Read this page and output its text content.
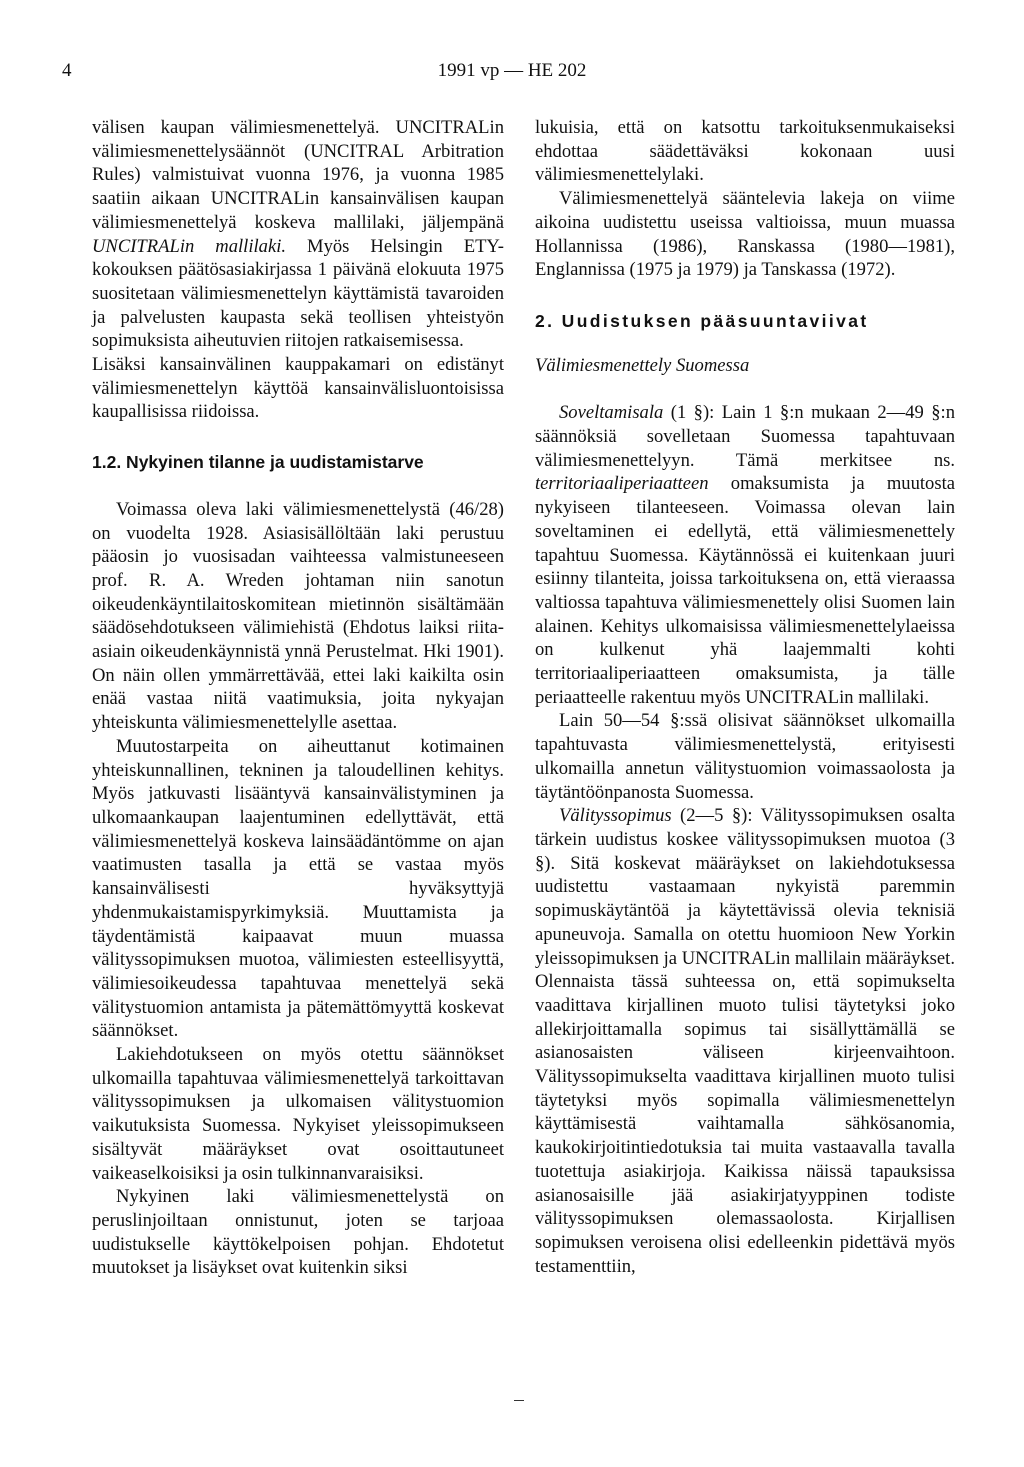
4	1991 vp — HE 202

välisen kaupan välimiesmenettelyä. UNCITRALin välimiesmenettelysäännöt (UNCITRAL Arbitration Rules) valmistuivat vuonna 1976, ja vuonna 1985 saatiin aikaan UNCITRALin kansainvälisen kaupan välimiesmenettelyä koskeva mallilaki, jäljempänä UNCITRALin mallilaki. Myös Helsingin ETY-kokouksen päätösasiakirjassa 1 päivänä elokuuta 1975 suositetaan välimiesmenettelyn käyttämistä tavaroiden ja palvelusten kaupasta sekä teollisen yhteistyön sopimuksista aiheutuvien riitojen ratkaisemisessa.

Lisäksi kansainvälinen kauppakamari on edistänyt välimiesmenettelyn käyttöä kansainvälisluontoisissa kaupallisissa riidoissa.

1.2. Nykyinen tilanne ja uudistamistarve

Voimassa oleva laki välimiesmenettelystä (46/28) on vuodelta 1928. Asiasisällöltään laki perustuu pääosin jo vuosisadan vaihteessa valmistuneeseen prof. R. A. Wreden johtaman niin sanotun oikeudenkäyntilaitoskomitean mietinnön sisältämään säädösehdotukseen välimiehistä (Ehdotus laiksi riita-asiain oikeudenkäynnistä ynnä Perustelmat. Hki 1901). On näin ollen ymmärrettävää, ettei laki kaikilta osin enää vastaa niitä vaatimuksia, joita nykyajan yhteiskunta välimiesmenettelylle asettaa.

Muutostarpeita on aiheuttanut kotimainen yhteiskunnallinen, tekninen ja taloudellinen kehitys. Myös jatkuvasti lisääntyvä kansainvälistyminen ja ulkomaankaupan laajentuminen edellyttävät, että välimiesmenettelyä koskeva lainsäädäntömme on ajan vaatimusten tasalla ja että se vastaa myös kansainvälisesti hyväksyttyjä yhdenmukaistamispyrkimyksiä. Muuttamista ja täydentämistä kaipaavat muun muassa välityssopimuksen muotoa, välimiesten esteellisyyttä, välimiesoikeudessa tapahtuvaa menettelyä sekä välitystuomion antamista ja pätemättömyyttä koskevat säännökset.

Lakiehdotukseen on myös otettu säännökset ulkomailla tapahtuvaa välimiesmenettelyä tarkoittavan välityssopimuksen ja ulkomaisen välitystuomion vaikutuksista Suomessa. Nykyiset yleissopimukseen sisältyvät määräykset ovat osoittautuneet vaikeaselkoisiksi ja osin tulkinnanvaraisiksi.

Nykyinen laki välimiesmenettelystä on peruslinjoiltaan onnistunut, joten se tarjoaa uudistukselle käyttökelpoisen pohjan. Ehdotetut muutokset ja lisäykset ovat kuitenkin siksi

lukuisia, että on katsottu tarkoituksenmukaiseksi ehdottaa säädettäväksi kokonaan uusi välimiesmenettelylaki.

Välimiesmenettelyä sääntelevia lakeja on viime aikoina uudistettu useissa valtioissa, muun muassa Hollannissa (1986), Ranskassa (1980—1981), Englannissa (1975 ja 1979) ja Tanskassa (1972).

2. Uudistuksen pääsuuntaviivat
Välimiesmenettely Suomessa

Soveltamisala (1 §): Lain 1 §:n mukaan 2—49 §:n säännöksiä sovelletaan Suomessa tapahtuvaan välimiesmenettelyyn. Tämä merkitsee ns. territoriaaliperiaatteen omaksumista ja muutosta nykyiseen tilanteeseen. Voimassa olevan lain soveltaminen ei edellytä, että välimiesmenettely tapahtuu Suomessa. Käytännössä ei kuitenkaan juuri esiinny tilanteita, joissa tarkoituksena on, että vieraassa valtiossa tapahtuva välimiesmenettely olisi Suomen lain alainen. Kehitys ulkomaisissa välimiesmenettelylaeissa on kulkenut yhä laajemmalti kohti territoriaaliperiaatteen omaksumista, ja tälle periaatteelle rakentuu myös UNCITRALin mallilaki.

Lain 50—54 §:ssä olisivat säännökset ulkomailla tapahtuvasta välimiesmenettelystä, erityisesti ulkomailla annetun välitystuomion voimassaolosta ja täytäntöönpanosta Suomessa.

Välityssopimus (2—5 §): Välityssopimuksen osalta tärkein uudistus koskee välityssopimuksen muotoa (3 §). Sitä koskevat määräykset on lakiehdotuksessa uudistettu vastaamaan nykyistä paremmin sopimuskäytäntöä ja käytettävissä olevia teknisiä apuneuvoja. Samalla on otettu huomioon New Yorkin yleissopimuksen ja UNCITRALin mallilain määräykset. Olennaista tässä suhteessa on, että sopimukselta vaadittava kirjallinen muoto tulisi täytetyksi joko allekirjoittamalla sopimus tai sisällyttämällä se asianosaisten väliseen kirjeenvaihtoon. Välityssopimukselta vaadittava kirjallinen muoto tulisi täytetyksi myös sopimalla välimiesmenettelyn käyttämisestä vaihtamalla sähkösanomia, kaukokirjoitintiedotuksia tai muita vastaavalla tavalla tuotettuja asiakirjoja. Kaikissa näissä tapauksissa asianosaisille jää asiakirjatyyppinen todiste välityssopimuksen olemassaolosta. Kirjallisen sopimuksen veroisena olisi edelleenkin pidettävä myös testamenttiin,
